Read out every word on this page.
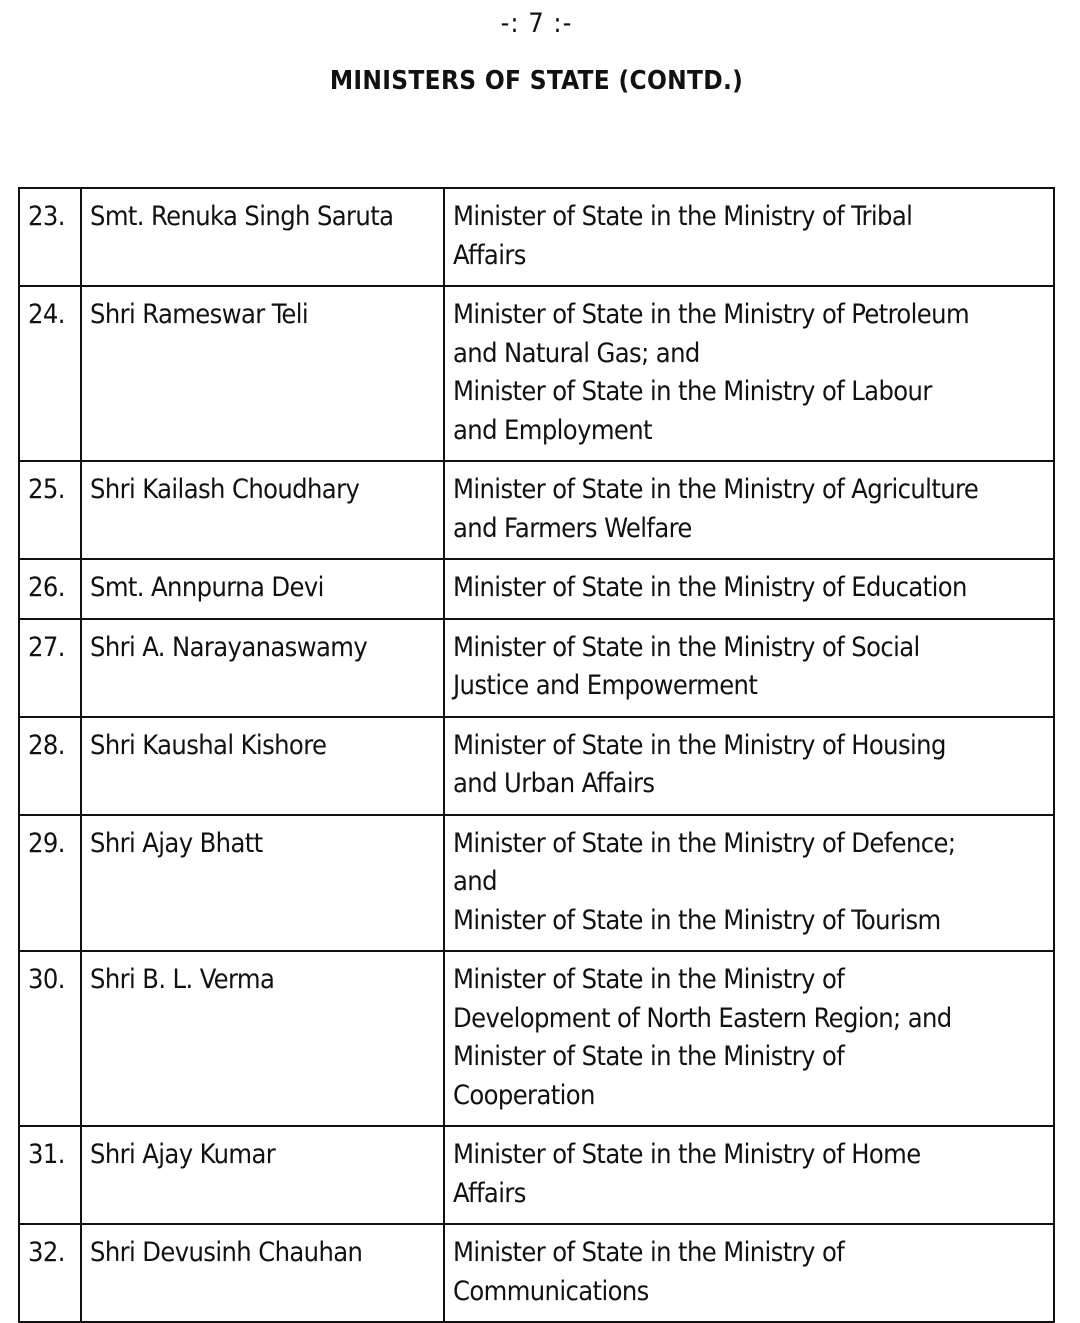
-: 7 :-
MINISTERS OF STATE (CONTD.)
23.	Smt. Renuka Singh Saruta	Minister of State in the Ministry of Tribal
Affairs
24.	Shri Rameswar Teli	Minister of State in the Ministry of Petroleum
and Natural Gas; and
Minister of State in the Ministry of Labour
and Employment
25.	Shri Kailash Choudhary	Minister of State in the Ministry of Agriculture
and Farmers Welfare
26.	Smt. Annpurna Devi	Minister of State in the Ministry of Education
27.	Shri A. Narayanaswamy	Minister of State in the Ministry of Social
Justice and Empowerment
28.	Shri Kaushal Kishore	Minister of State in the Ministry of Housing
and Urban Affairs
29.	Shri Ajay Bhatt	Minister of State in the Ministry of Defence;
and
Minister of State in the Ministry of Tourism
30.	Shri B. L. Verma	Minister of State in the Ministry of
Development of North Eastern Region; and
Minister of State in the Ministry of
Cooperation
31.	Shri Ajay Kumar	Minister of State in the Ministry of Home
Affairs
32.	Shri Devusinh Chauhan	Minister of State in the Ministry of
Communications
